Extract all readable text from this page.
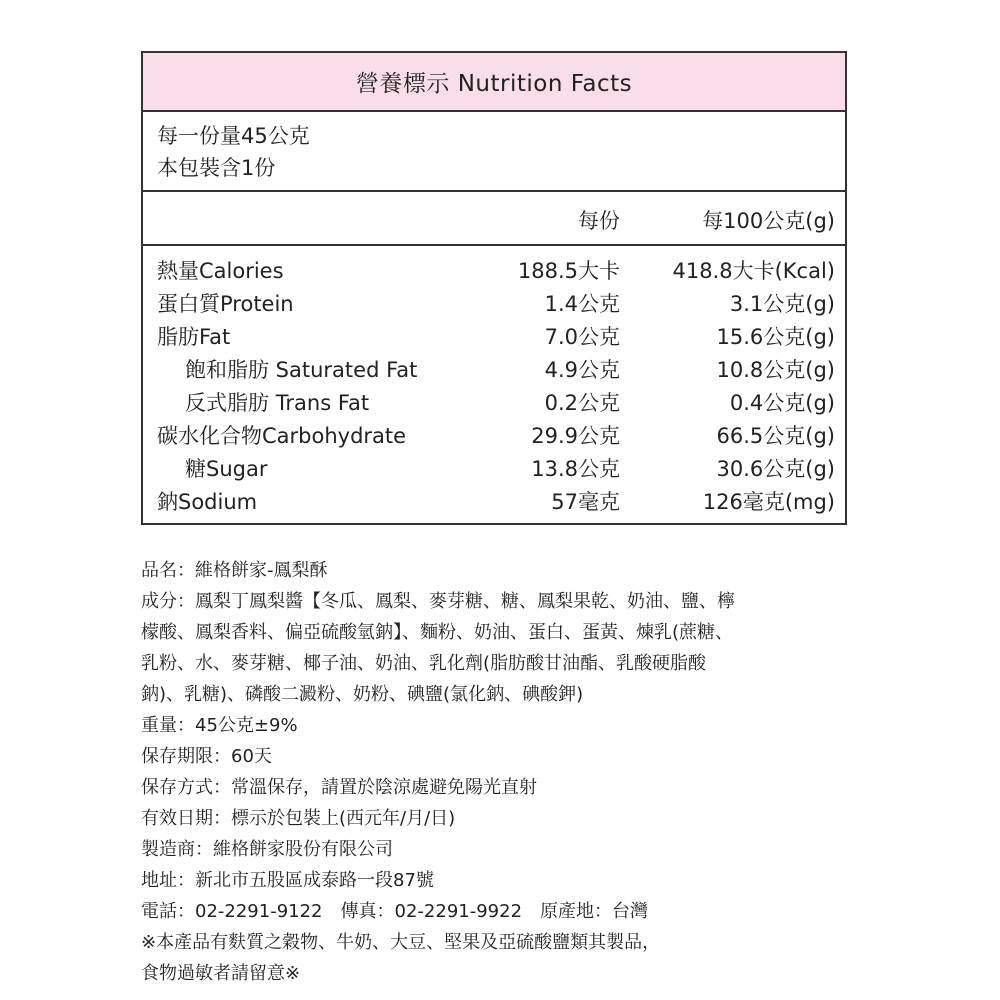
營養標示 Nutrition Facts
每一份量45公克
本包裝含1份
每份	每100公克(g)
熱量Calories	188.5大卡 418.8大卡(Kcal)
蛋白質Protein	1.4公克	3.1公克(g)
脂肪Fat	7.0公克	15.6公克(g)
飽和脂肪 Saturated Fat	4.9公克	10.8公克(g)
反式脂肪 Trans Fat	0.2公克	0.4公克(g)
碳水化合物Carbohydrate	29.9公克	66.5公克(g)
糖Sugar	13.8公克	30.6公克(g)
鈉Sodium	57毫克	126毫克(mg)
品名：維格餅家-鳳梨酥
成分：鳳梨丁鳳梨醬【冬瓜、鳳梨、麥芽糖、糖、鳳梨果乾、奶油、鹽、檸
檬酸、鳳梨香料、偏亞硫酸氫鈉】、麵粉、奶油、蛋白、蛋黃、煉乳(蔗糖、
乳粉、水、麥芽糖、椰子油、奶油、乳化劑(脂肪酸甘油酯、乳酸硬脂酸
鈉)、乳糖)、磷酸二澱粉、奶粉、碘鹽(氯化鈉、碘酸鉀)
重量：45公克±9%
保存期限：60天
保存方式：常溫保存，請置於陰涼處避免陽光直射
有效日期：標示於包裝上(西元年/月/日)
製造商：維格餅家股份有限公司
地址：新北市五股區成泰路一段87號
電話：02-2291-9122　傳真：02-2291-9922　原產地：台灣
※本產品有麩質之穀物、牛奶、大豆、堅果及亞硫酸鹽類其製品，
食物過敏者請留意※
